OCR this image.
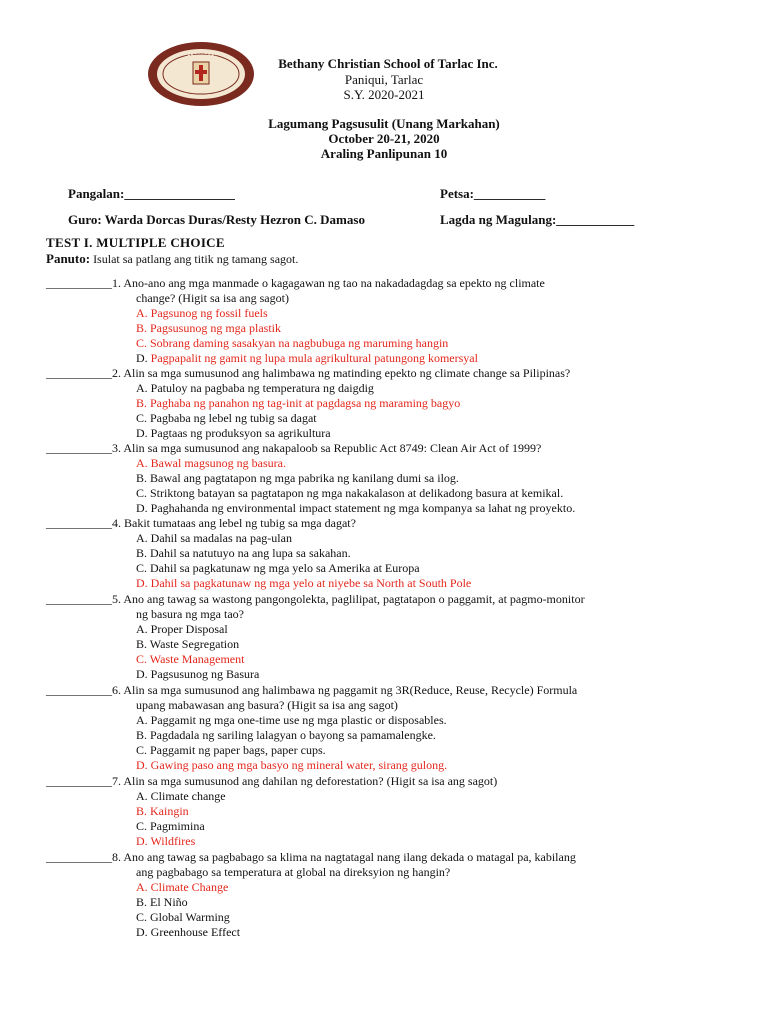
Bethany Christian School of Tarlac Inc.
Paniqui, Tarlac
S.Y. 2020-2021
Lagumang Pagsusulit (Unang Markahan)
October 20-21, 2020
Araling Panlipunan 10
Pangalan:_________________	Petsa:___________
Guro: Warda Dorcas Duras/Resty Hezron C. Damaso	Lagda ng Magulang:____________
TEST I. MULTIPLE CHOICE
Panuto: Isulat sa patlang ang titik ng tamang sagot.
___________1. Ano-ano ang mga manmade o kagagawan ng tao na nakadadagdag sa epekto ng climate
change? (Higit sa isa ang sagot)
A. Pagsunog ng fossil fuels
B. Pagsusunog ng mga plastik
C. Sobrang daming sasakyan na nagbubuga ng maruming hangin
D. Pagpapalit ng gamit ng lupa mula agrikultural patungong komersyal
___________2. Alin sa mga sumusunod ang halimbawa ng matinding epekto ng climate change sa Pilipinas?
A. Patuloy na pagbaba ng temperatura ng daigdig
B. Paghaba ng panahon ng tag-init at pagdagsa ng maraming bagyo
C. Pagbaba ng lebel ng tubig sa dagat
D. Pagtaas ng produksyon sa agrikultura
___________3. Alin sa mga sumusunod ang nakapaloob sa Republic Act 8749: Clean Air Act of 1999?
A. Bawal magsunog ng basura.
B. Bawal ang pagtatapon ng mga pabrika ng kanilang dumi sa ilog.
C. Striktong batayan sa pagtatapon ng mga nakakalason at delikadong basura at kemikal.
D. Paghahanda ng environmental impact statement ng mga kompanya sa lahat ng proyekto.
___________4. Bakit tumataas ang lebel ng tubig sa mga dagat?
A. Dahil sa madalas na pag-ulan
B. Dahil sa natutuyo na ang lupa sa sakahan.
C. Dahil sa pagkatunaw ng mga yelo sa Amerika at Europa
D. Dahil sa pagkatunaw ng mga yelo at niyebe sa North at South Pole
___________5. Ano ang tawag sa wastong pangongolekta, paglilipat, pagtatapon o paggamit, at pagmo-monitor
ng basura ng mga tao?
A. Proper Disposal
B. Waste Segregation
C. Waste Management
D. Pagsusunog ng Basura
___________6. Alin sa mga sumusunod ang halimbawa ng paggamit ng 3R(Reduce, Reuse, Recycle) Formula
upang mabawasan ang basura? (Higit sa isa ang sagot)
A. Paggamit ng mga one-time use ng mga plastic or disposables.
B. Pagdadala ng sariling lalagyan o bayong sa pamamalengke.
C. Paggamit ng paper bags, paper cups.
D. Gawing paso ang mga basyo ng mineral water, sirang gulong.
___________7. Alin sa mga sumusunod ang dahilan ng deforestation? (Higit sa isa ang sagot)
A. Climate change
B. Kaingin
C. Pagmimina
D. Wildfires
___________8. Ano ang tawag sa pagbabago sa klima na nagtatagal nang ilang dekada o matagal pa, kabilang
ang pagbabago sa temperatura at global na direksyion ng hangin?
A. Climate Change
B. El Niño
C. Global Warming
D. Greenhouse Effect
